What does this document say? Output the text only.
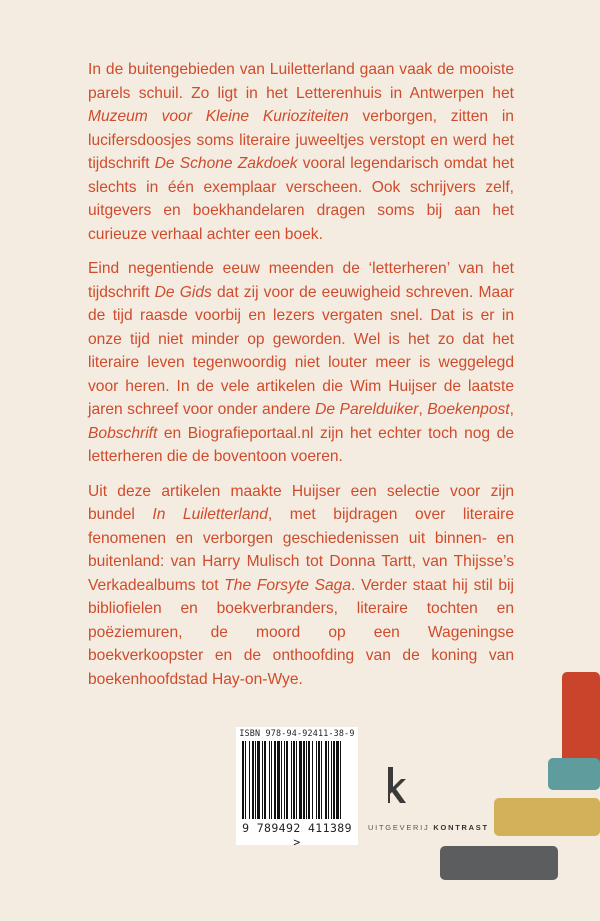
In de buitengebieden van Luiletterland gaan vaak de mooiste parels schuil. Zo ligt in het Letterenhuis in Antwerpen het Muzeum voor Kleine Kurioziteiten verborgen, zitten in lucifersdoosjes soms literaire juweeltjes verstopt en werd het tijdschrift De Schone Zakdoek vooral legendarisch omdat het slechts in één exemplaar verscheen. Ook schrijvers zelf, uitgevers en boekhandelaren dragen soms bij aan het curieuze verhaal achter een boek.

Eind negentiende eeuw meenden de ‘letterheren’ van het tijdschrift De Gids dat zij voor de eeuwigheid schreven. Maar de tijd raasde voorbij en lezers vergaten snel. Dat is er in onze tijd niet minder op geworden. Wel is het zo dat het literaire leven tegenwoordig niet louter meer is weggelegd voor heren. In de vele artikelen die Wim Huijser de laatste jaren schreef voor onder andere De Parelduiker, Boekenpost, Bobschrift en Biografieportaal.nl zijn het echter toch nog de letterheren die de boventoon voeren.

Uit deze artikelen maakte Huijser een selectie voor zijn bundel In Luiletterland, met bijdragen over literaire fenomenen en verborgen geschiedenissen uit binnen- en buitenland: van Harry Mulisch tot Donna Tartt, van Thijsse’s Verkadealbums tot The Forsyte Saga. Verder staat hij stil bij bibliofielen en boekverbranders, literaire tochten en poëziemuren, de moord op een Wageningse boekverkoopster en de onthoofding van de koning van boekenhoofdstad Hay-on-Wye.

ISBN 978-94-92411-38-9
9 789492 411389 >
UITGEVERIJ KONTRAST
